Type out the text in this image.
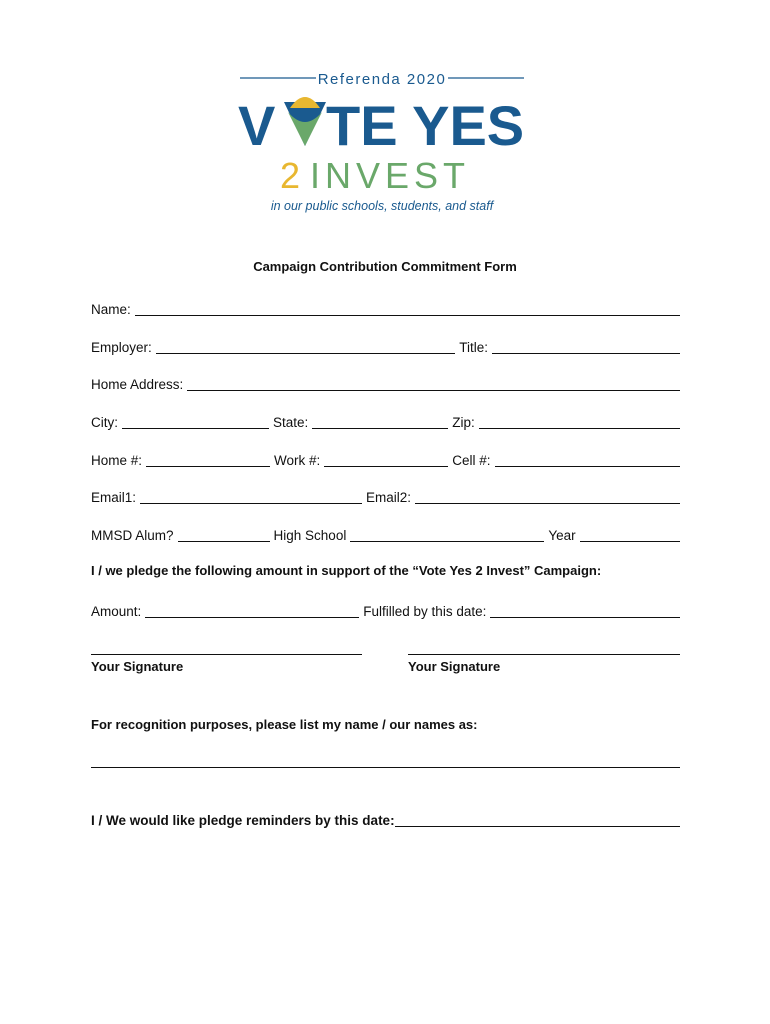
Referenda 2020
V TE YES
2 INVEST
in our public schools, students, and staff
Campaign Contribution Commitment Form
Name:
Employer:	Title:
Home Address:
City:	State:	Zip:
Home #:	Work #:	Cell #:
Email1:	Email2:
MMSD Alum?	High School	Year
I / we pledge the following amount in support of the “Vote Yes 2 Invest” Campaign:
Amount:	Fulfilled by this date:
Your Signature	Your Signature
For recognition purposes, please list my name / our names as:
I / We would like pledge reminders by this date:
